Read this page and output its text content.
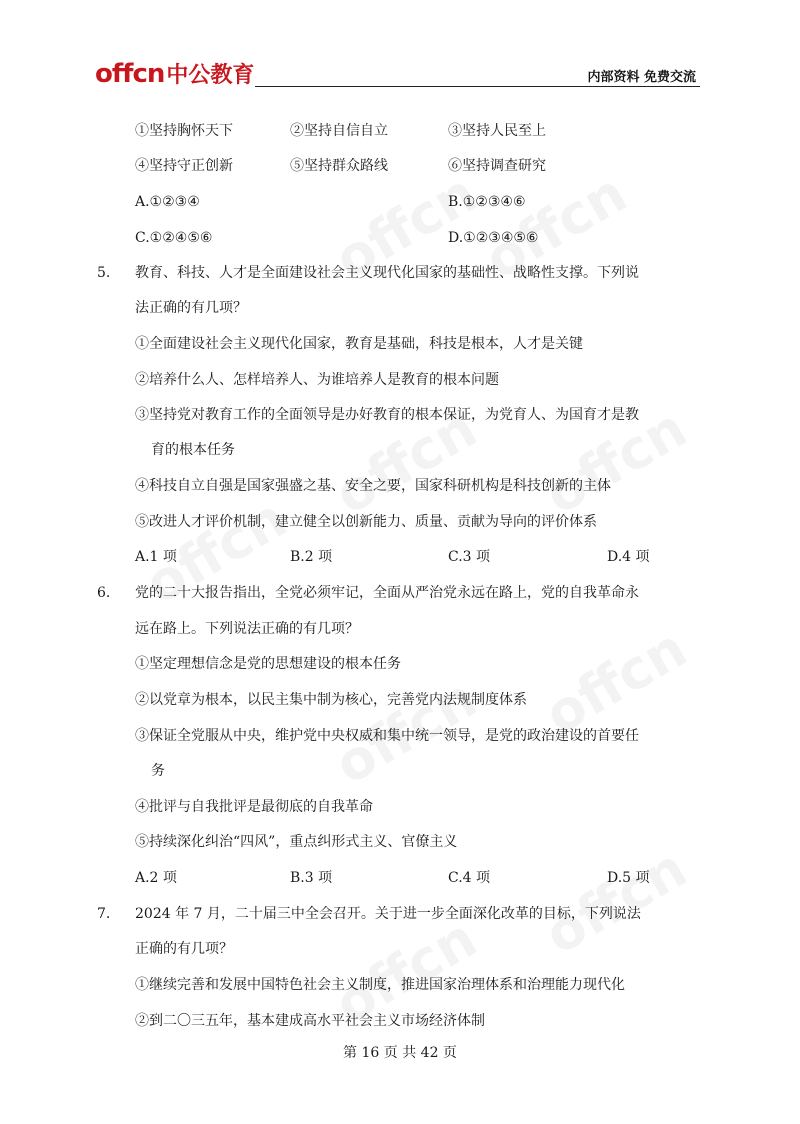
offcn 中公教育	内部资料 免费交流
①坚持胸怀天下	②坚持自信自立	③坚持人民至上
④坚持守正创新	⑤坚持群众路线	⑥坚持调查研究
A.①②③④	B.①②③④⑥
C.①②④⑤⑥	D.①②③④⑤⑥
5. 教育、科技、人才是全面建设社会主义现代化国家的基础性、战略性支撑。下列说
法正确的有几项？
①全面建设社会主义现代化国家，教育是基础，科技是根本，人才是关键
②培养什么人、怎样培养人、为谁培养人是教育的根本问题
③坚持党对教育工作的全面领导是办好教育的根本保证，为党育人、为国育才是教
育的根本任务
④科技自立自强是国家强盛之基、安全之要，国家科研机构是科技创新的主体
⑤改进人才评价机制，建立健全以创新能力、质量、贡献为导向的评价体系
A.1 项	B.2 项	C.3 项	D.4 项
6. 党的二十大报告指出，全党必须牢记，全面从严治党永远在路上，党的自我革命永
远在路上。下列说法正确的有几项？
①坚定理想信念是党的思想建设的根本任务
②以党章为根本，以民主集中制为核心，完善党内法规制度体系
③保证全党服从中央，维护党中央权威和集中统一领导，是党的政治建设的首要任
务
④批评与自我批评是最彻底的自我革命
⑤持续深化纠治“四风”，重点纠形式主义、官僚主义
A.2 项	B.3 项	C.4 项	D.5 项
7. 2024 年 7 月，二十届三中全会召开。关于进一步全面深化改革的目标，下列说法
正确的有几项？
①继续完善和发展中国特色社会主义制度，推进国家治理体系和治理能力现代化
②到二〇三五年，基本建成高水平社会主义市场经济体制
第 16 页 共 42 页
